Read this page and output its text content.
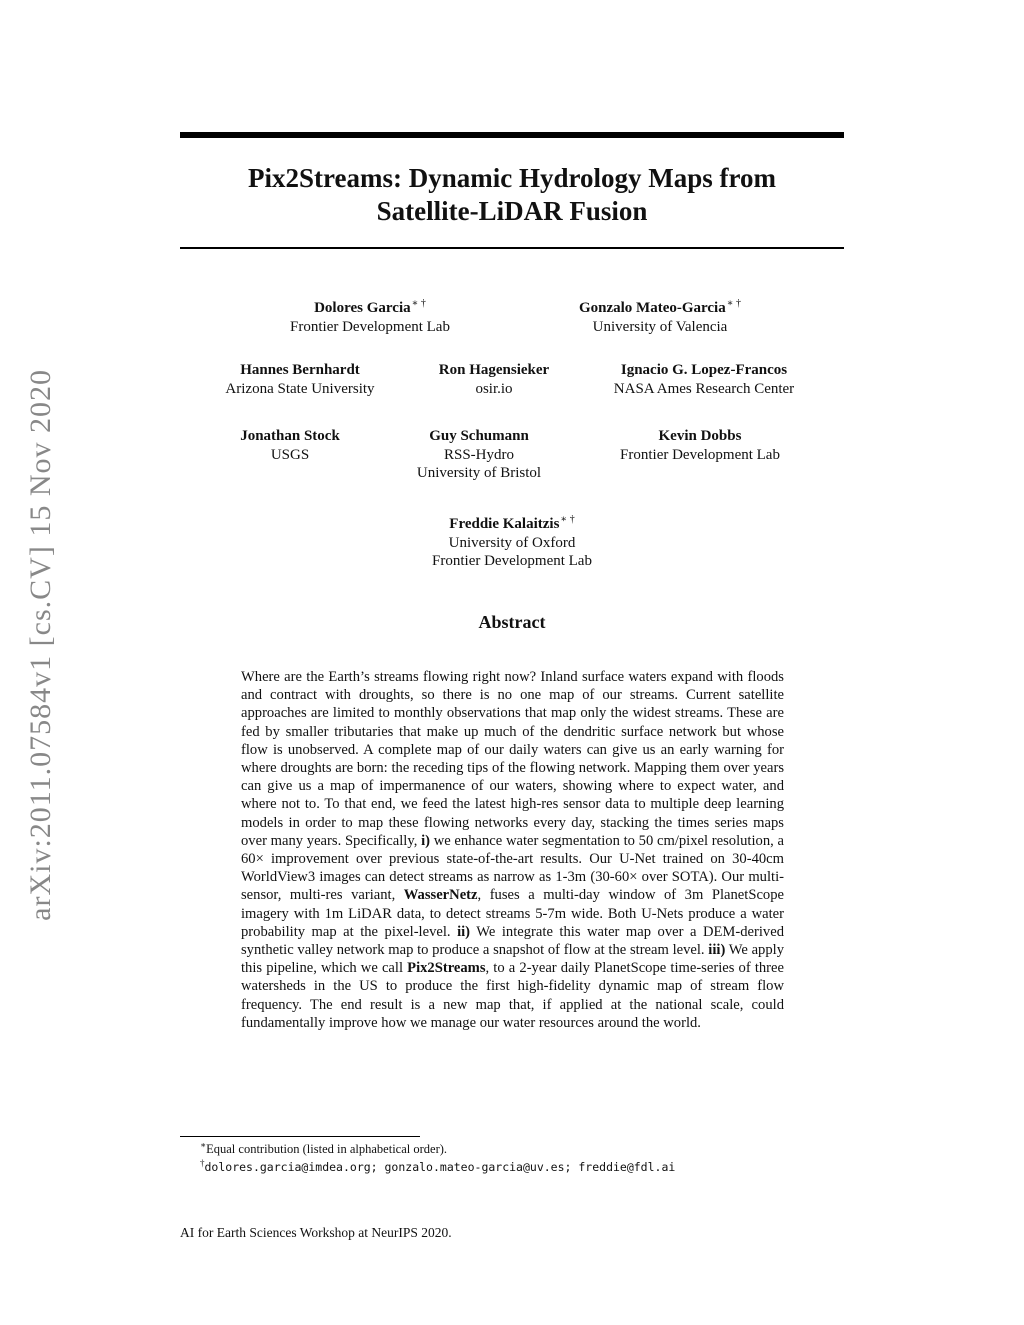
arXiv:2011.07584v1 [cs.CV] 15 Nov 2020
Pix2Streams: Dynamic Hydrology Maps from
Satellite-LiDAR Fusion
Dolores Garcia∗ †
Frontier Development Lab
Gonzalo Mateo-Garcia∗ †
University of Valencia
Hannes Bernhardt
Arizona State University
Ron Hagensieker
osir.io
Ignacio G. Lopez-Francos
NASA Ames Research Center
Jonathan Stock
USGS
Guy Schumann
RSS-Hydro
University of Bristol
Kevin Dobbs
Frontier Development Lab
Freddie Kalaitzis∗ †
University of Oxford
Frontier Development Lab
Abstract
Where are the Earth’s streams flowing right now? Inland surface waters expand with floods and contract with droughts, so there is no one map of our streams. Current satellite approaches are limited to monthly observations that map only the widest streams. These are fed by smaller tributaries that make up much of the dendritic surface network but whose flow is unobserved. A complete map of our daily waters can give us an early warning for where droughts are born: the receding tips of the flowing network. Mapping them over years can give us a map of impermanence of our waters, showing where to expect water, and where not to. To that end, we feed the latest high-res sensor data to multiple deep learning models in order to map these flowing networks every day, stacking the times series maps over many years. Specifically, i) we enhance water segmentation to 50 cm/pixel resolution, a 60× improvement over previous state-of-the-art results. Our U-Net trained on 30-40cm WorldView3 images can detect streams as narrow as 1-3m (30-60× over SOTA). Our multi-sensor, multi-res variant, WasserNetz, fuses a multi-day window of 3m PlanetScope imagery with 1m LiDAR data, to detect streams 5-7m wide. Both U-Nets produce a water probability map at the pixel-level. ii) We integrate this water map over a DEM-derived synthetic valley network map to produce a snapshot of flow at the stream level. iii) We apply this pipeline, which we call Pix2Streams, to a 2-year daily PlanetScope time-series of three watersheds in the US to produce the first high-fidelity dynamic map of stream flow frequency. The end result is a new map that, if applied at the national scale, could fundamentally improve how we manage our water resources around the world.
∗Equal contribution (listed in alphabetical order).
†dolores.garcia@imdea.org; gonzalo.mateo-garcia@uv.es; freddie@fdl.ai
AI for Earth Sciences Workshop at NeurIPS 2020.
